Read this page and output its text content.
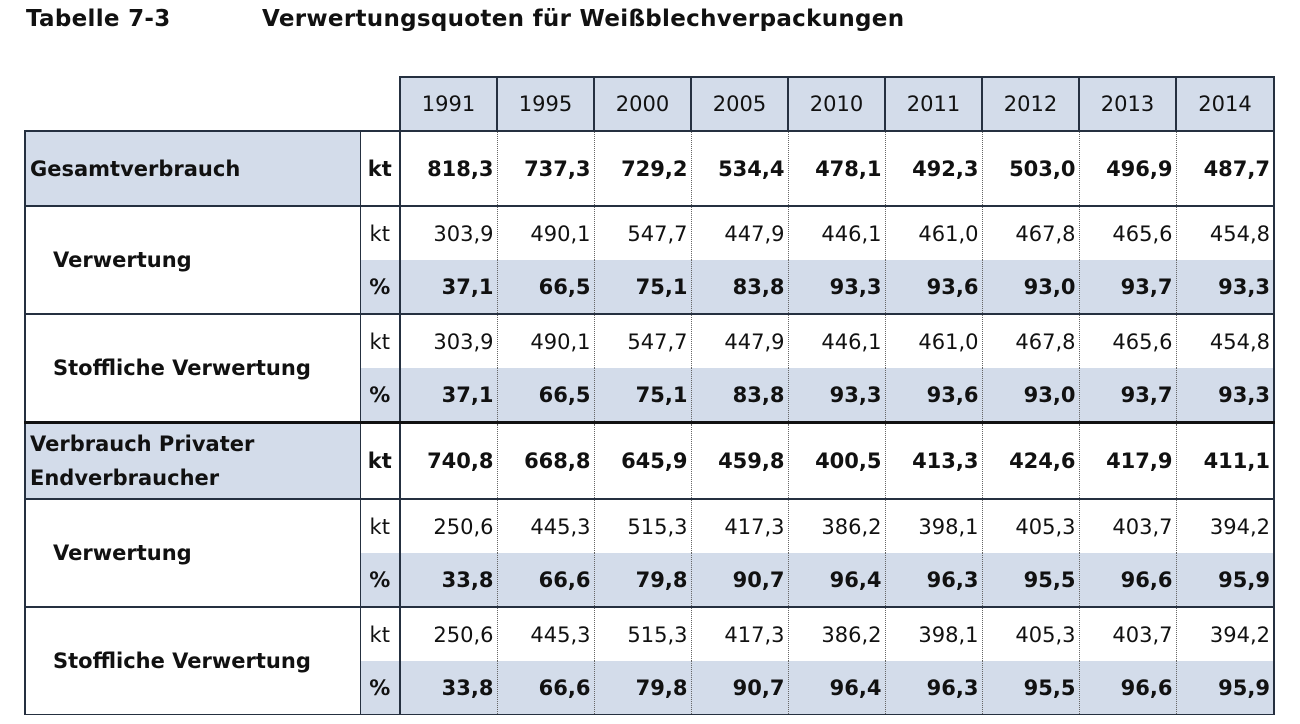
Tabelle 7-3	Verwertungsquoten für Weißblechverpackungen
		1991	1995	2000	2005	2010	2011	2012	2013	2014
Gesamtverbrauch	kt	818,3	737,3	729,2	534,4	478,1	492,3	503,0	496,9	487,7
Verwertung	kt	303,9	490,1	547,7	447,9	446,1	461,0	467,8	465,6	454,8
	%	37,1	66,5	75,1	83,8	93,3	93,6	93,0	93,7	93,3
Stoffliche Verwertung	kt	303,9	490,1	547,7	447,9	446,1	461,0	467,8	465,6	454,8
	%	37,1	66,5	75,1	83,8	93,3	93,6	93,0	93,7	93,3

Verbrauch Privater
Endverbraucher	kt	740,8	668,8	645,9	459,8	400,5	413,3	424,6	417,9	411,1
Verwertung	kt	250,6	445,3	515,3	417,3	386,2	398,1	405,3	403,7	394,2
	%	33,8	66,6	79,8	90,7	96,4	96,3	95,5	96,6	95,9
Stoffliche Verwertung	kt	250,6	445,3	515,3	417,3	386,2	398,1	405,3	403,7	394,2
	%	33,8	66,6	79,8	90,7	96,4	96,3	95,5	96,6	95,9
